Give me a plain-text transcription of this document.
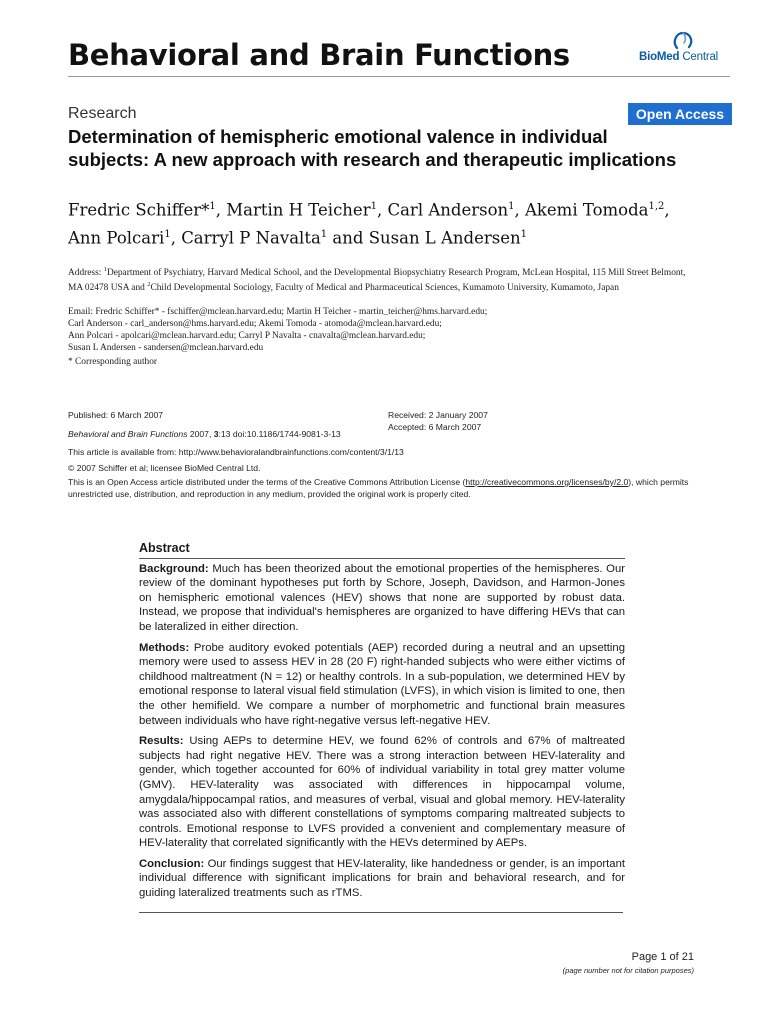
Behavioral and Brain Functions	BioMed Central
Research	Open Access
Determination of hemispheric emotional valence in individual subjects: A new approach with research and therapeutic implications
Fredric Schiffer*$^1$, Martin H Teicher$^1$, Carl Anderson$^1$, Akemi Tomoda$^{1,2}$, Ann Polcari$^1$, Carryl P Navalta$^1$ and Susan L Andersen$^1$
Address: $^1$Department of Psychiatry, Harvard Medical School, and the Developmental Biopsychiatry Research Program, McLean Hospital, 115 Mill Street Belmont, MA 02478 USA and $^2$Child Developmental Sociology, Faculty of Medical and Pharmaceutical Sciences, Kumamoto University, Kumamoto, Japan
Email: Fredric Schiffer* - fschiffer@mclean.harvard.edu; Martin H Teicher - martin_teicher@hms.harvard.edu;
Carl Anderson - carl_anderson@hms.harvard.edu; Akemi Tomoda - atomoda@mclean.harvard.edu;
Ann Polcari - apolcari@mclean.harvard.edu; Carryl P Navalta - cnavalta@mclean.harvard.edu;
Susan L Andersen - sandersen@mclean.harvard.edu
* Corresponding author
Published: 6 March 2007	Received: 2 January 2007
Accepted: 6 March 2007
Behavioral and Brain Functions 2007, 3:13 doi:10.1186/1744-9081-3-13
This article is available from: http://www.behavioralandbrainfunctions.com/content/3/1/13
© 2007 Schiffer et al; licensee BioMed Central Ltd.
This is an Open Access article distributed under the terms of the Creative Commons Attribution License (http://creativecommons.org/licenses/by/2.0), which permits unrestricted use, distribution, and reproduction in any medium, provided the original work is properly cited.
Abstract

Background: Much has been theorized about the emotional properties of the hemispheres. Our review of the dominant hypotheses put forth by Schore, Joseph, Davidson, and Harmon-Jones on hemispheric emotional valences (HEV) shows that none are supported by robust data. Instead, we propose that individual's hemispheres are organized to have differing HEVs that can be lateralized in either direction.

Methods: Probe auditory evoked potentials (AEP) recorded during a neutral and an upsetting memory were used to assess HEV in 28 (20 F) right-handed subjects who were either victims of childhood maltreatment (N = 12) or healthy controls. In a sub-population, we determined HEV by emotional response to lateral visual field stimulation (LVFS), in which vision is limited to one, then the other hemifield. We compare a number of morphometric and functional brain measures between individuals who have right-negative versus left-negative HEV.

Results: Using AEPs to determine HEV, we found 62% of controls and 67% of maltreated subjects had right negative HEV. There was a strong interaction between HEV-laterality and gender, which together accounted for 60% of individual variability in total grey matter volume (GMV). HEV-laterality was associated with differences in hippocampal volume, amygdala/hippocampal ratios, and measures of verbal, visual and global memory. HEV-laterality was associated also with different constellations of symptoms comparing maltreated subjects to controls. Emotional response to LVFS provided a convenient and complementary measure of HEV-laterality that correlated significantly with the HEVs determined by AEPs.

Conclusion: Our findings suggest that HEV-laterality, like handedness or gender, is an important individual difference with significant implications for brain and behavioral research, and for guiding lateralized treatments such as rTMS.

Page 1 of 21
(page number not for citation purposes)
